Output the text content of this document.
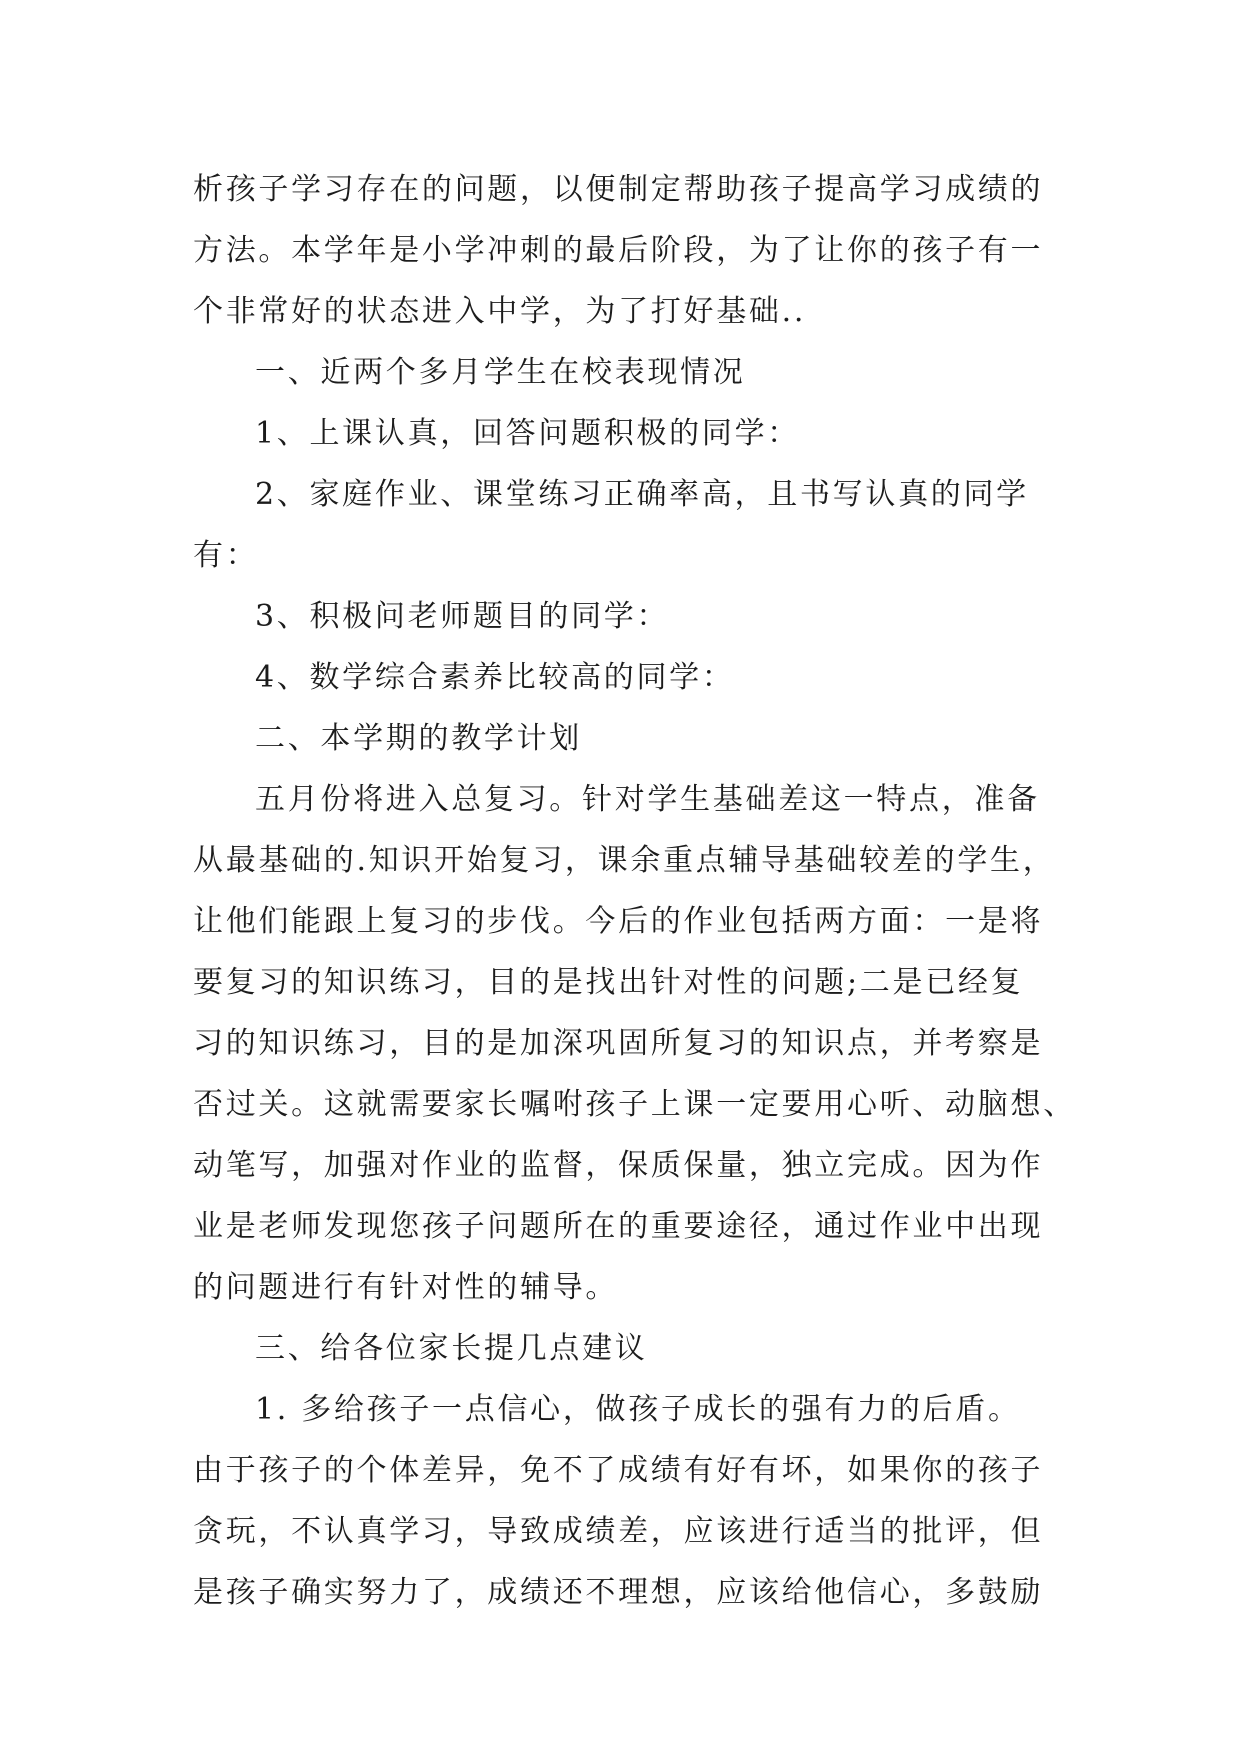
析孩子学习存在的问题，以便制定帮助孩子提高学习成绩的

方法。本学年是小学冲刺的最后阶段，为了让你的孩子有一

个非常好的状态进入中学，为了打好基础..

一、近两个多月学生在校表现情况

1、上课认真，回答问题积极的同学：

2、家庭作业、课堂练习正确率高，且书写认真的同学

有：

3、积极问老师题目的同学：

4、数学综合素养比较高的同学：

二、本学期的教学计划

五月份将进入总复习。针对学生基础差这一特点，准备

从最基础的.知识开始复习，课余重点辅导基础较差的学生，

让他们能跟上复习的步伐。今后的作业包括两方面：一是将

要复习的知识练习，目的是找出针对性的问题;二是已经复

习的知识练习，目的是加深巩固所复习的知识点，并考察是

否过关。这就需要家长嘱咐孩子上课一定要用心听、动脑想、

动笔写，加强对作业的监督，保质保量，独立完成。因为作

业是老师发现您孩子问题所在的重要途径，通过作业中出现

的问题进行有针对性的辅导。

三、给各位家长提几点建议

1. 多给孩子一点信心，做孩子成长的强有力的后盾。

由于孩子的个体差异，免不了成绩有好有坏，如果你的孩子

贪玩，不认真学习，导致成绩差，应该进行适当的批评，但

是孩子确实努力了，成绩还不理想，应该给他信心，多鼓励
